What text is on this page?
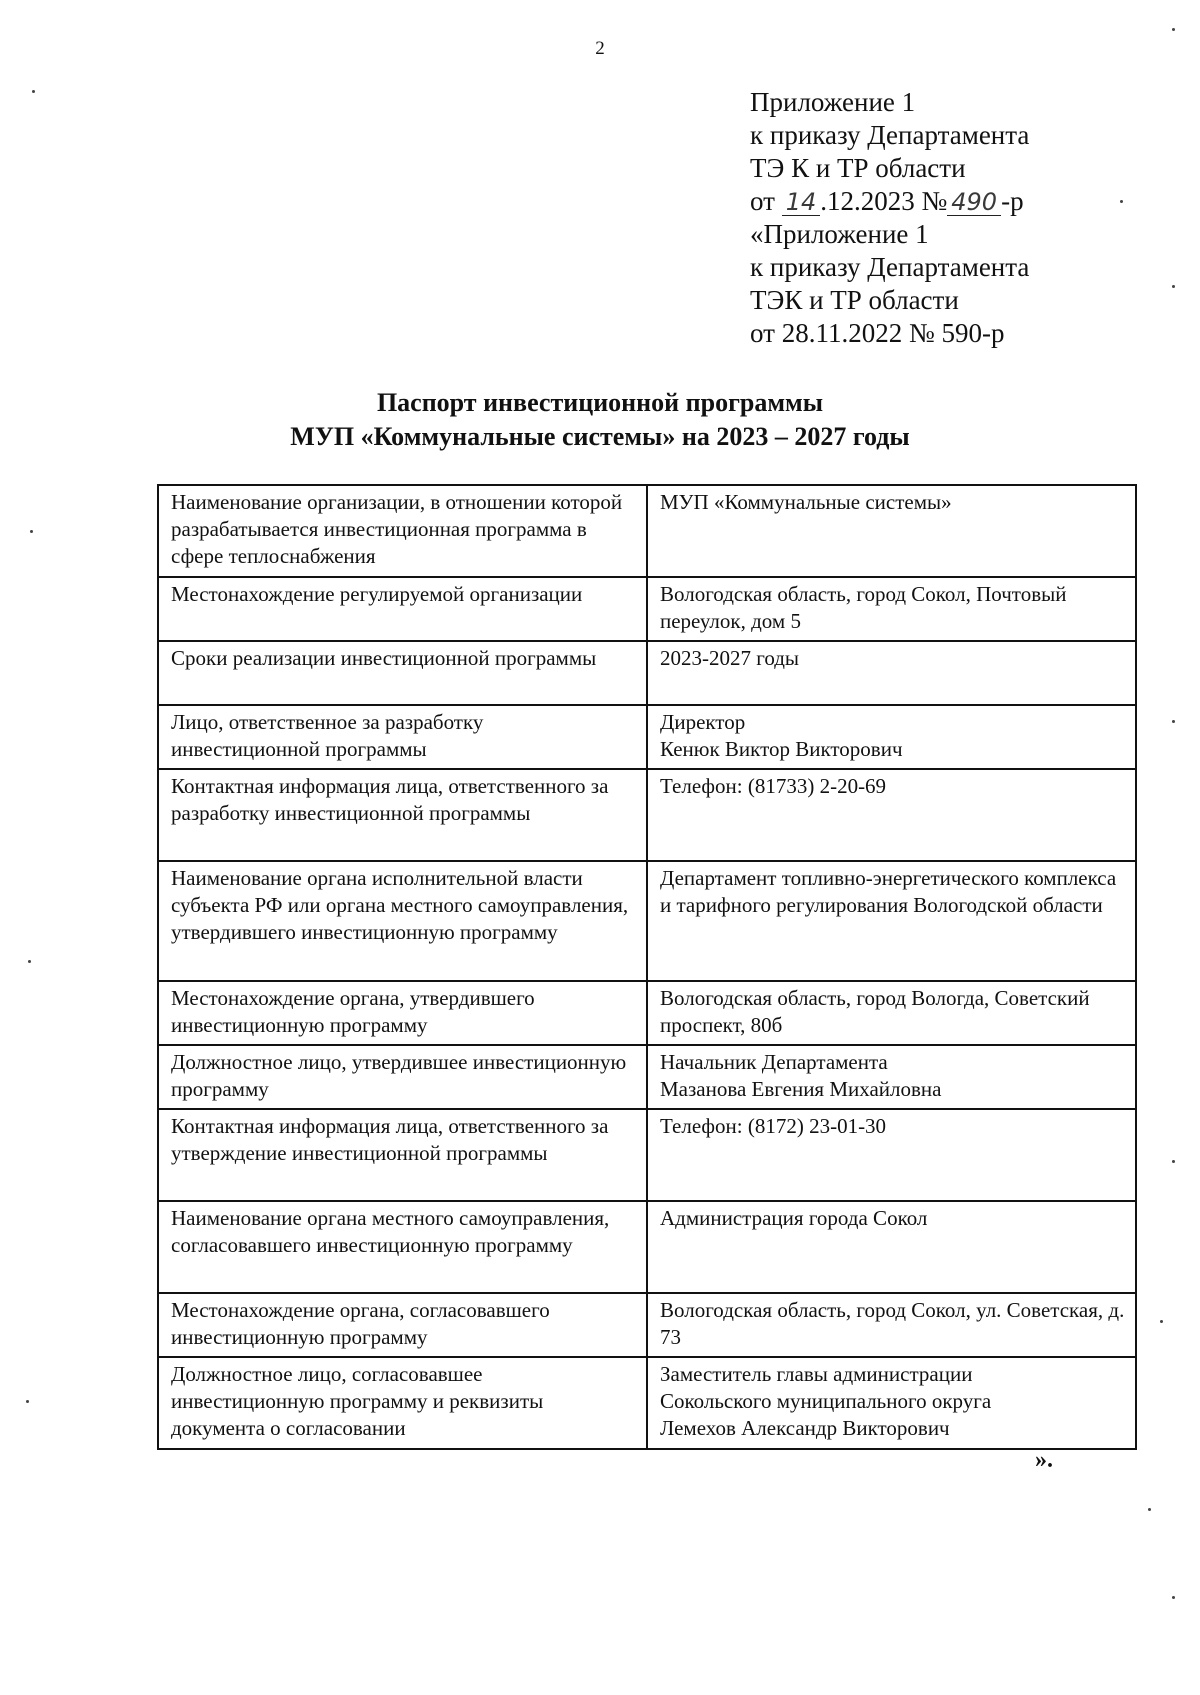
2
Приложение 1
к приказу Департамента
ТЭ К и ТР области
от 14 .12.2023 № 490 -р
«Приложение 1
к приказу Департамента
ТЭК и ТР области
от 28.11.2022 № 590-р
Паспорт инвестиционной программы
МУП «Коммунальные системы» на 2023 – 2027 годы
Наименование организации, в отношении которой разрабатывается инвестиционная программа в сфере теплоснабжения	МУП «Коммунальные системы»
Местонахождение регулируемой организации	Вологодская область, город Сокол, Почтовый переулок, дом 5
Сроки реализации инвестиционной программы	2023-2027 годы
Лицо, ответственное за разработку инвестиционной программы	Директор
Кенюк Виктор Викторович
Контактная информация лица, ответственного за разработку инвестиционной программы	Телефон: (81733) 2-20-69
Наименование органа исполнительной власти субъекта РФ или органа местного самоуправления, утвердившего инвестиционную программу	Департамент топливно-энергетического комплекса и тарифного регулирования Вологодской области
Местонахождение органа, утвердившего инвестиционную программу	Вологодская область, город Вологда, Советский проспект, 80б
Должностное лицо, утвердившее инвестиционную программу	Начальник Департамента
Мазанова Евгения Михайловна
Контактная информация лица, ответственного за утверждение инвестиционной программы	Телефон: (8172) 23-01-30
Наименование органа местного самоуправления, согласовавшего инвестиционную программу	Администрация города Сокол
Местонахождение органа, согласовавшего инвестиционную программу	Вологодская область, город Сокол, ул. Советская, д. 73
Должностное лицо, согласовавшее инвестиционную программу и реквизиты документа о согласовании	Заместитель главы администрации
Сокольского муниципального округа
Лемехов Александр Викторович
».
